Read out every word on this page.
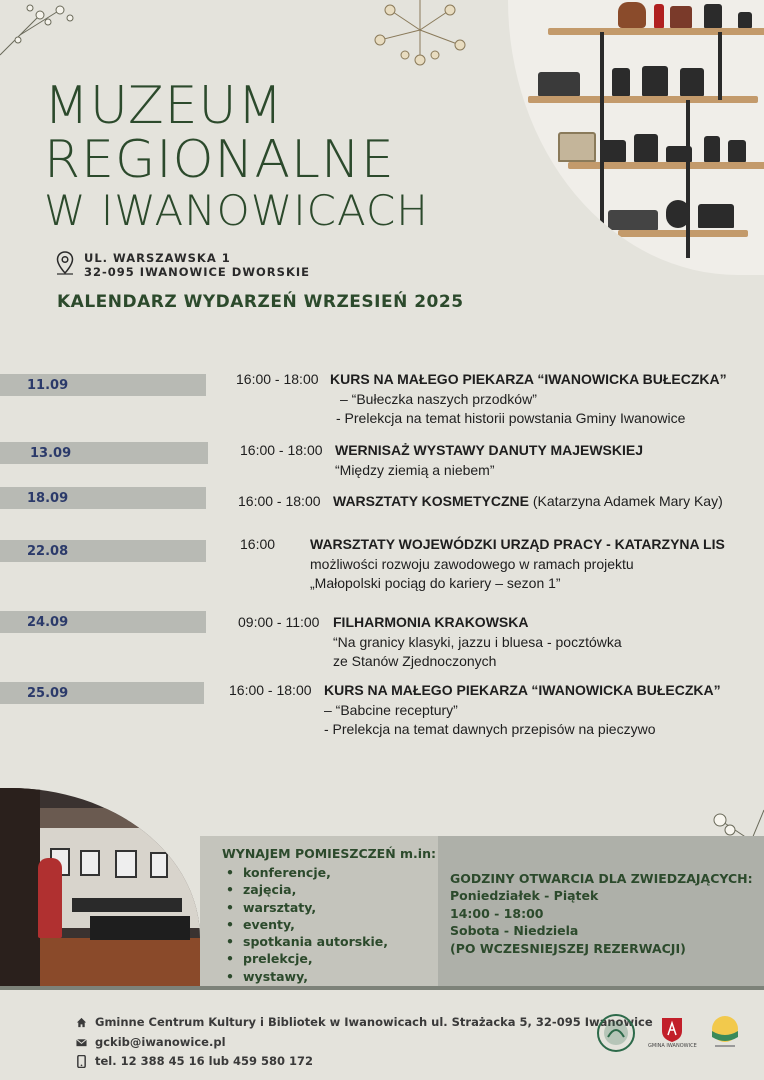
MUZEUM
REGIONALNE
W IWANOWICACH
UL. WARSZAWSKA 1
32-095 IWANOWICE DWORSKIE
KALENDARZ WYDARZEŃ WRZESIEŃ 2025
11.09	16:00 - 18:00 KURS NA MAŁEGO PIEKARZA “IWANOWICKA BUŁECZKA”
– “Bułeczka naszych przodków”
- Prelekcja na temat historii powstania Gminy Iwanowice
13.09	16:00 - 18:00 WERNISAŻ WYSTAWY DANUTY MAJEWSKIEJ
“Między ziemią a niebem”
18.09	16:00 - 18:00 WARSZTATY KOSMETYCZNE (Katarzyna Adamek Mary Kay)
22.08	16:00 WARSZTATY WOJEWÓDZKI URZĄD PRACY - KATARZYNA LIS
możliwości rozwoju zawodowego w ramach projektu
„Małopolski pociąg do kariery – sezon 1”
24.09	09:00 - 11:00 FILHARMONIA KRAKOWSKA
“Na granicy klasyki, jazzu i bluesa - pocztówka
ze Stanów Zjednoczonych
25.09	16:00 - 18:00 KURS NA MAŁEGO PIEKARZA “IWANOWICKA BUŁECZKA”
– “Babcine receptury”
- Prelekcja na temat dawnych przepisów na pieczywo
WYNAJEM POMIESZCZEŃ m.in:
• konferencje,
• zajęcia,
• warsztaty,
• eventy,
• spotkania autorskie,
• prelekcje,
• wystawy,
GODZINY OTWARCIA DLA ZWIEDZAJĄCYCH:
Poniedziałek - Piątek
14:00 - 18:00
Sobota - Niedziela
(PO WCZESNIEJSZEJ REZERWACJI)
Gminne Centrum Kultury i Bibliotek w Iwanowicach ul. Strażacka 5, 32-095 Iwanowice
gckib@iwanowice.pl
tel. 12 388 45 16 lub 459 580 172
GMINA IWANOWICE
